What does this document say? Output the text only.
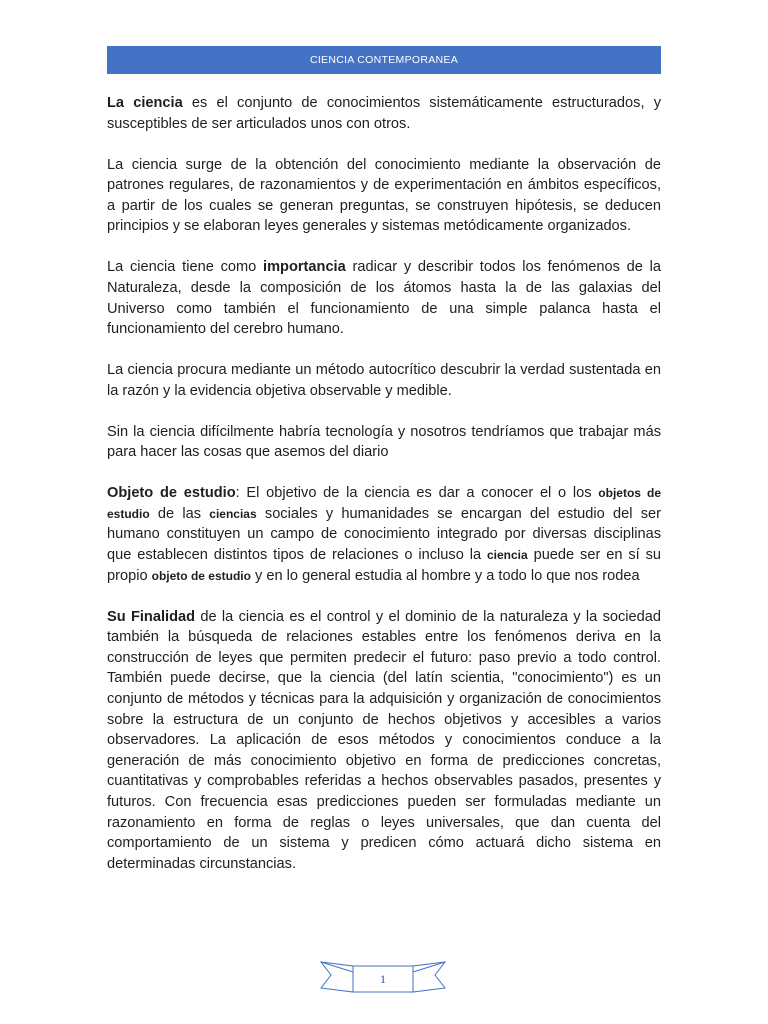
CIENCIA CONTEMPORANEA

La ciencia es el conjunto de conocimientos sistemáticamente estructurados, y susceptibles de ser articulados unos con otros.

La ciencia surge de la obtención del conocimiento mediante la observación de patrones regulares, de razonamientos y de experimentación en ámbitos específicos, a partir de los cuales se generan preguntas, se construyen hipótesis, se deducen principios y se elaboran leyes generales y sistemas metódicamente organizados.

La ciencia tiene como importancia radicar y describir todos los fenómenos de la Naturaleza, desde la composición de los átomos hasta la de las galaxias del Universo como también el funcionamiento de una simple palanca hasta el funcionamiento del cerebro humano.

La ciencia procura mediante un método autocrítico descubrir la verdad sustentada en la razón y la evidencia objetiva observable y medible.

Sin la ciencia difícilmente habría tecnología y nosotros tendríamos que trabajar más para hacer las cosas que asemos del diario

Objeto de estudio: El objetivo de la ciencia es dar a conocer el o los objetos de estudio de las ciencias sociales y humanidades se encargan del estudio del ser humano constituyen un campo de conocimiento integrado por diversas disciplinas que establecen distintos tipos de relaciones o incluso la ciencia puede ser en sí su propio objeto de estudio y en lo general estudia al hombre y a todo lo que nos rodea

Su Finalidad de la ciencia es el control y el dominio de la naturaleza y la sociedad también la búsqueda de relaciones estables entre los fenómenos deriva en la construcción de leyes que permiten predecir el futuro: paso previo a todo control. También puede decirse, que la ciencia (del latín scientia, "conocimiento") es un conjunto de métodos y técnicas para la adquisición y organización de conocimientos sobre la estructura de un conjunto de hechos objetivos y accesibles a varios observadores. La aplicación de esos métodos y conocimientos conduce a la generación de más conocimiento objetivo en forma de predicciones concretas, cuantitativas y comprobables referidas a hechos observables pasados, presentes y futuros. Con frecuencia esas predicciones pueden ser formuladas mediante un razonamiento en forma de reglas o leyes universales, que dan cuenta del comportamiento de un sistema y predicen cómo actuará dicho sistema en determinadas circunstancias.

1
